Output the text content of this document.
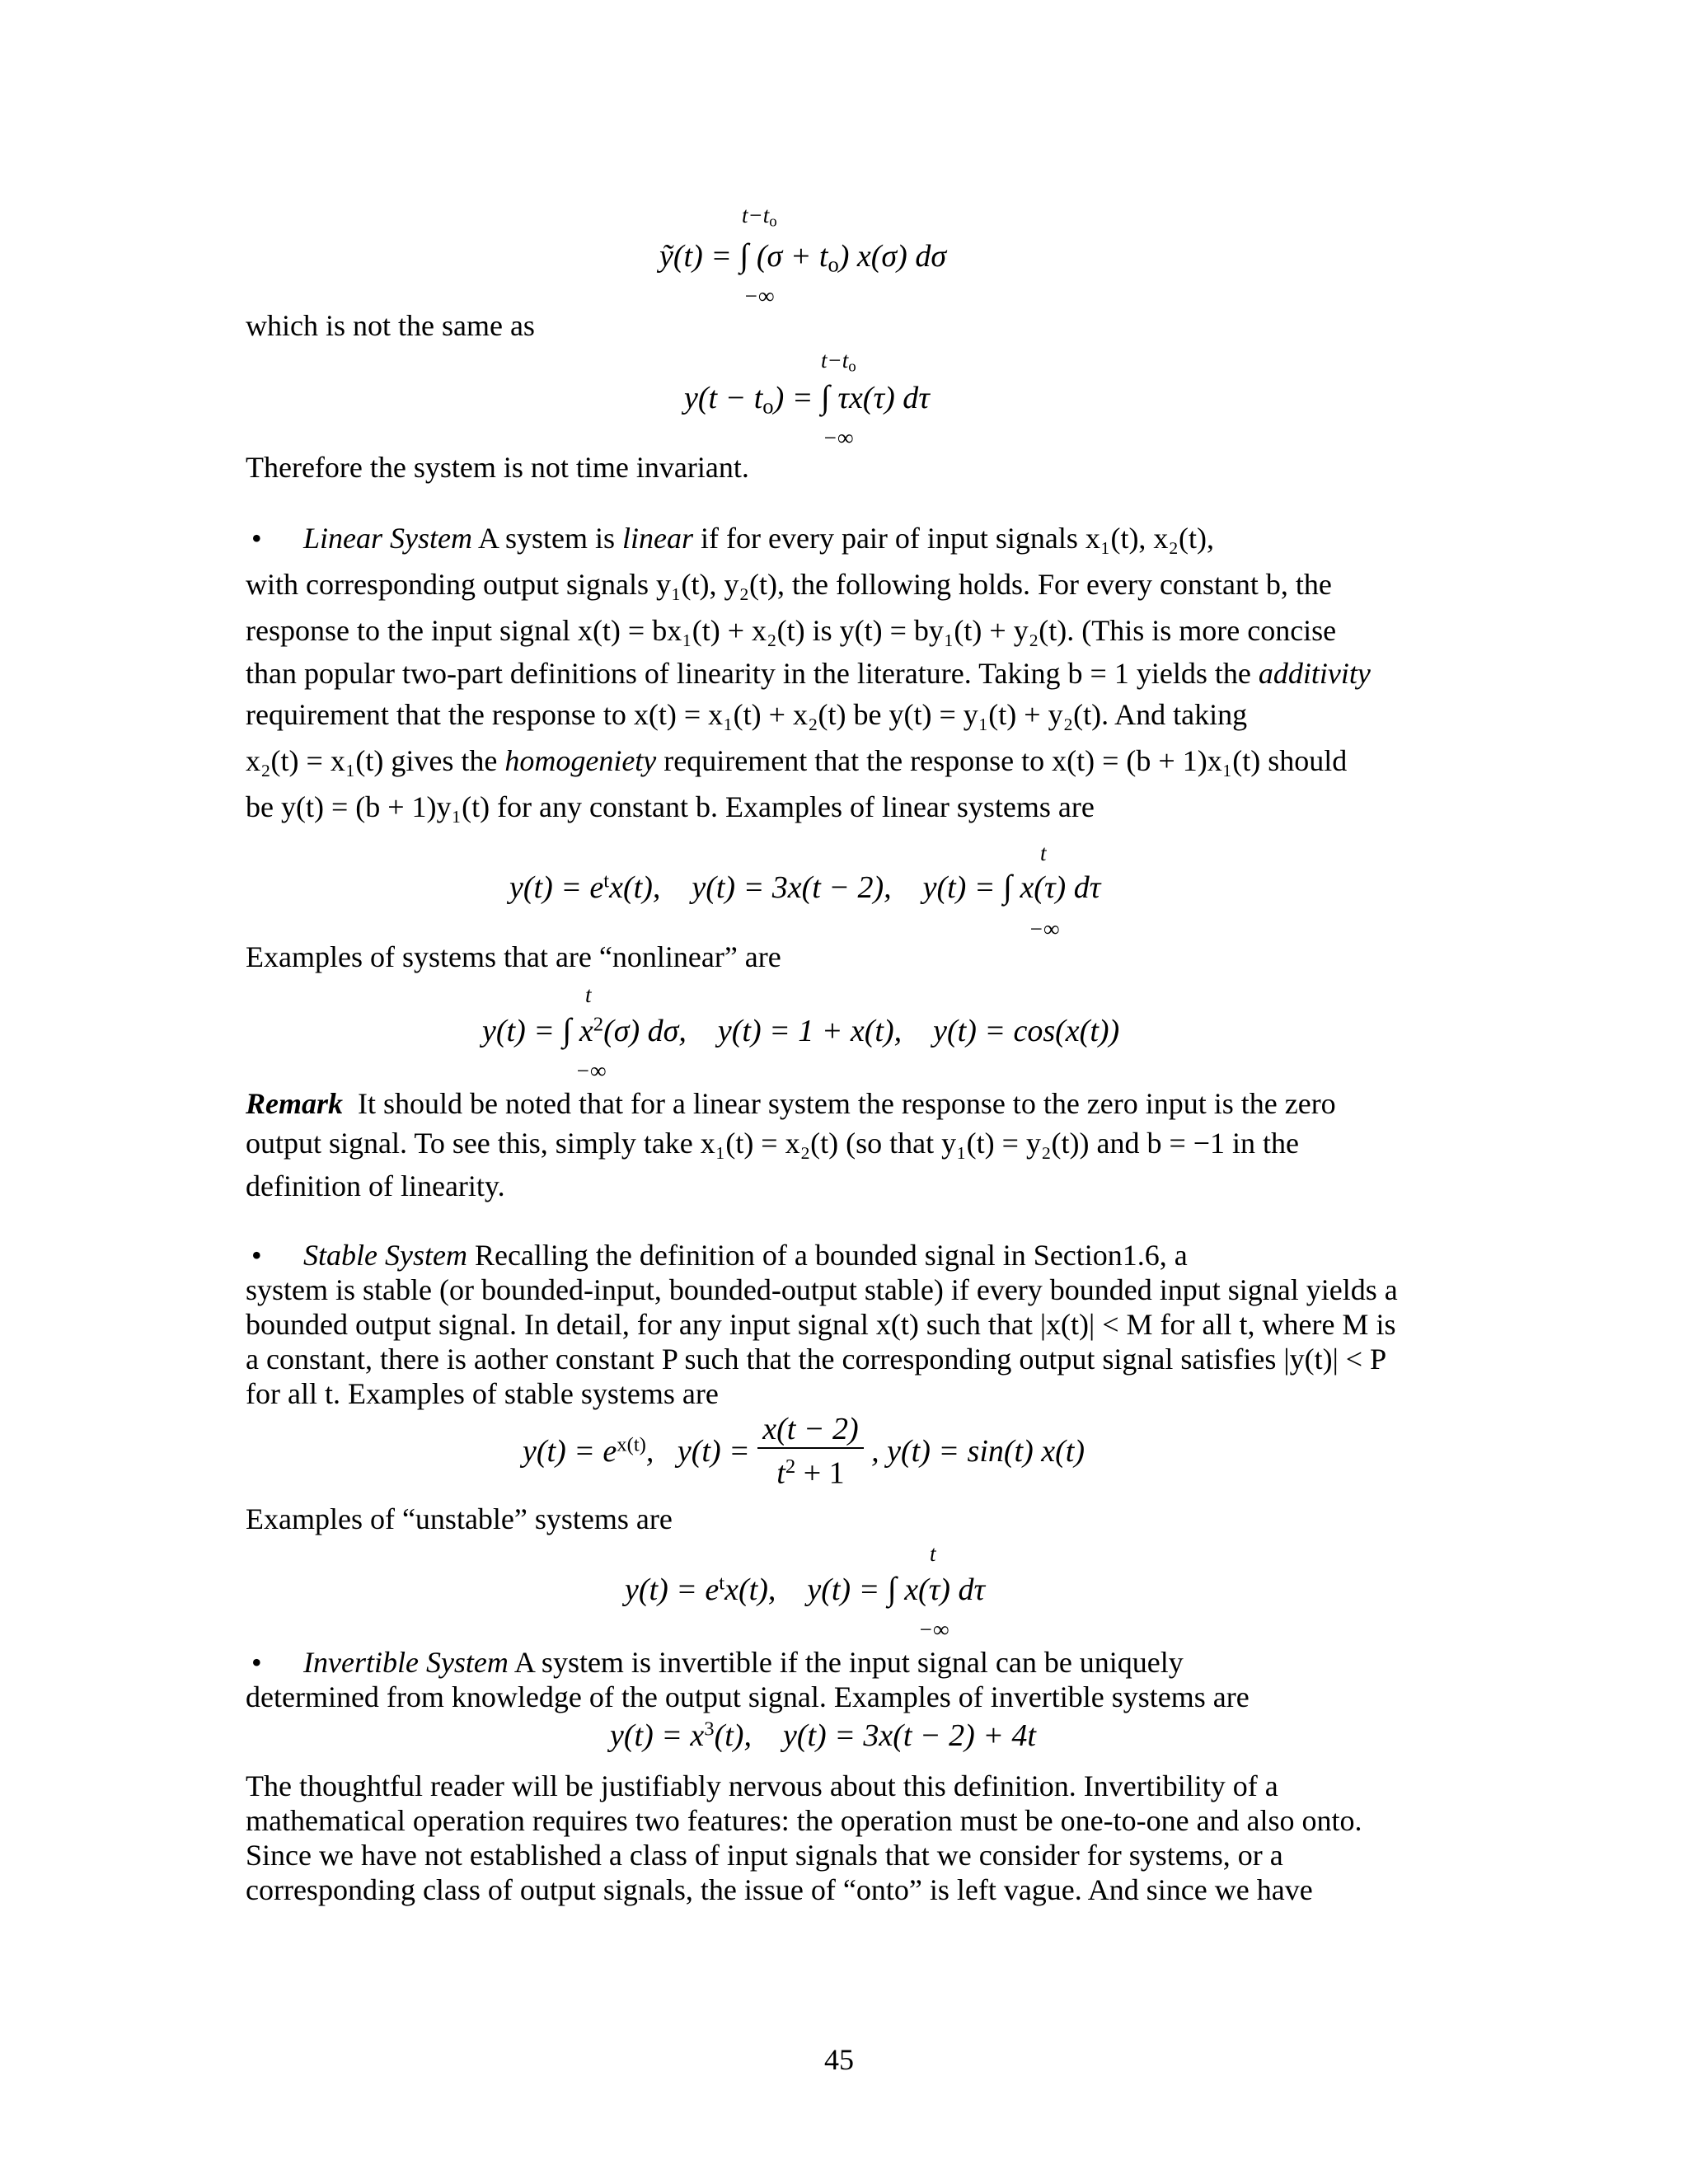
$t-t_o$
ỹ(t) = ∫ $(\sigma + t_o)$ x(σ) dσ
−∞
which is not the same as
$t-t_o$
$y(t - t_o)$ = ∫ τx(τ) dτ
−∞
Therefore the system is not time invariant.
• Linear System A system is linear if for every pair of input signals x₁(t), x₂(t),
with corresponding output signals y₁(t), y₂(t), the following holds. For every constant b, the
response to the input signal x(t) = bx₁(t) + x₂(t) is y(t) = by₁(t) + y₂(t). (This is more concise
than popular two-part definitions of linearity in the literature. Taking b = 1 yields the additivity
requirement that the response to x(t) = x₁(t) + x₂(t) be y(t) = y₁(t) + y₂(t). And taking
x₂(t) = x₁(t) gives the homogeniety requirement that the response to x(t) = (b + 1)x₁(t) should
be y(t) = (b + 1)y₁(t) for any constant b. Examples of linear systems are
t
$y(t) = e^tx(t)$, y(t) = 3x(t − 2), y(t) = ∫ x(τ) dτ
−∞
Examples of systems that are “nonlinear” are
t
y(t) = ∫ $x^2(\sigma)$ dσ, y(t) = 1 + x(t), y(t) = cos(x(t))
−∞
Remark It should be noted that for a linear system the response to the zero input is the zero
output signal. To see this, simply take x₁(t) = x₂(t) (so that y₁(t) = y₂(t)) and b = −1 in the
definition of linearity.
• Stable System Recalling the definition of a bounded signal in Section1.6, a
system is stable (or bounded-input, bounded-output stable) if every bounded input signal yields a
bounded output signal. In detail, for any input signal x(t) such that |x(t)| < M for all t, where M is
a constant, there is aother constant P such that the corresponding output signal satisfies |y(t)| < P
for all t. Examples of stable systems are
$y(t) = e^{x(t)}$, $y(t) = \frac{x(t - 2)}{t^2 + 1}$ , y(t) = sin(t) x(t)
Examples of “unstable” systems are
t
$y(t) = e^tx(t)$, y(t) = ∫ x(τ) dτ
−∞
• Invertible System A system is invertible if the input signal can be uniquely
determined from knowledge of the output signal. Examples of invertible systems are
$y(t) = x^3(t)$, y(t) = 3x(t − 2) + 4t
The thoughtful reader will be justifiably nervous about this definition. Invertibility of a
mathematical operation requires two features: the operation must be one-to-one and also onto.
Since we have not established a class of input signals that we consider for systems, or a
corresponding class of output signals, the issue of “onto” is left vague. And since we have
45
